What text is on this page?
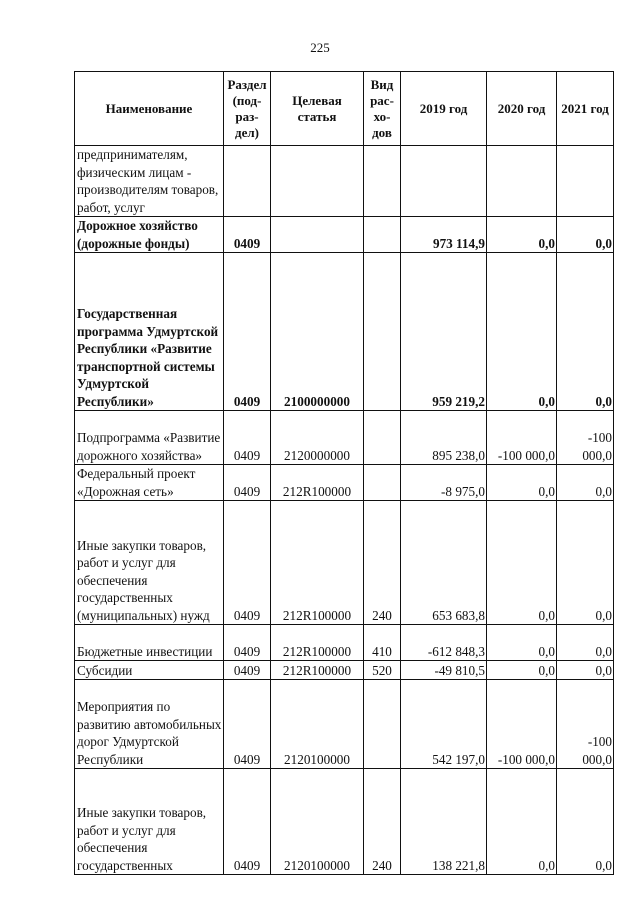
225
Наименование	Раздел (под-раз-дел)	Целевая статья	Вид рас-хо-дов	2019 год	2020 год	2021 год
предпринимателям, физическим лицам - производителям товаров, работ, услуг						
Дорожное хозяйство (дорожные фонды)	0409			973 114,9	0,0	0,0
Государственная программа Удмуртской Республики «Развитие транспортной системы Удмуртской Республики»	0409	2100000000		959 219,2	0,0	0,0
Подпрограмма «Развитие дорожного хозяйства»	0409	2120000000		895 238,0	-100 000,0	-100 000,0
Федеральный проект «Дорожная сеть»	0409	212R100000		-8 975,0	0,0	0,0
Иные закупки товаров, работ и услуг для обеспечения государственных (муниципальных) нужд	0409	212R100000	240	653 683,8	0,0	0,0
Бюджетные инвестиции	0409	212R100000	410	-612 848,3	0,0	0,0
Субсидии	0409	212R100000	520	-49 810,5	0,0	0,0
Мероприятия по развитию автомобильных дорог Удмуртской Республики	0409	2120100000		542 197,0	-100 000,0	-100 000,0
Иные закупки товаров, работ и услуг для обеспечения государственных	0409	2120100000	240	138 221,8	0,0	0,0
